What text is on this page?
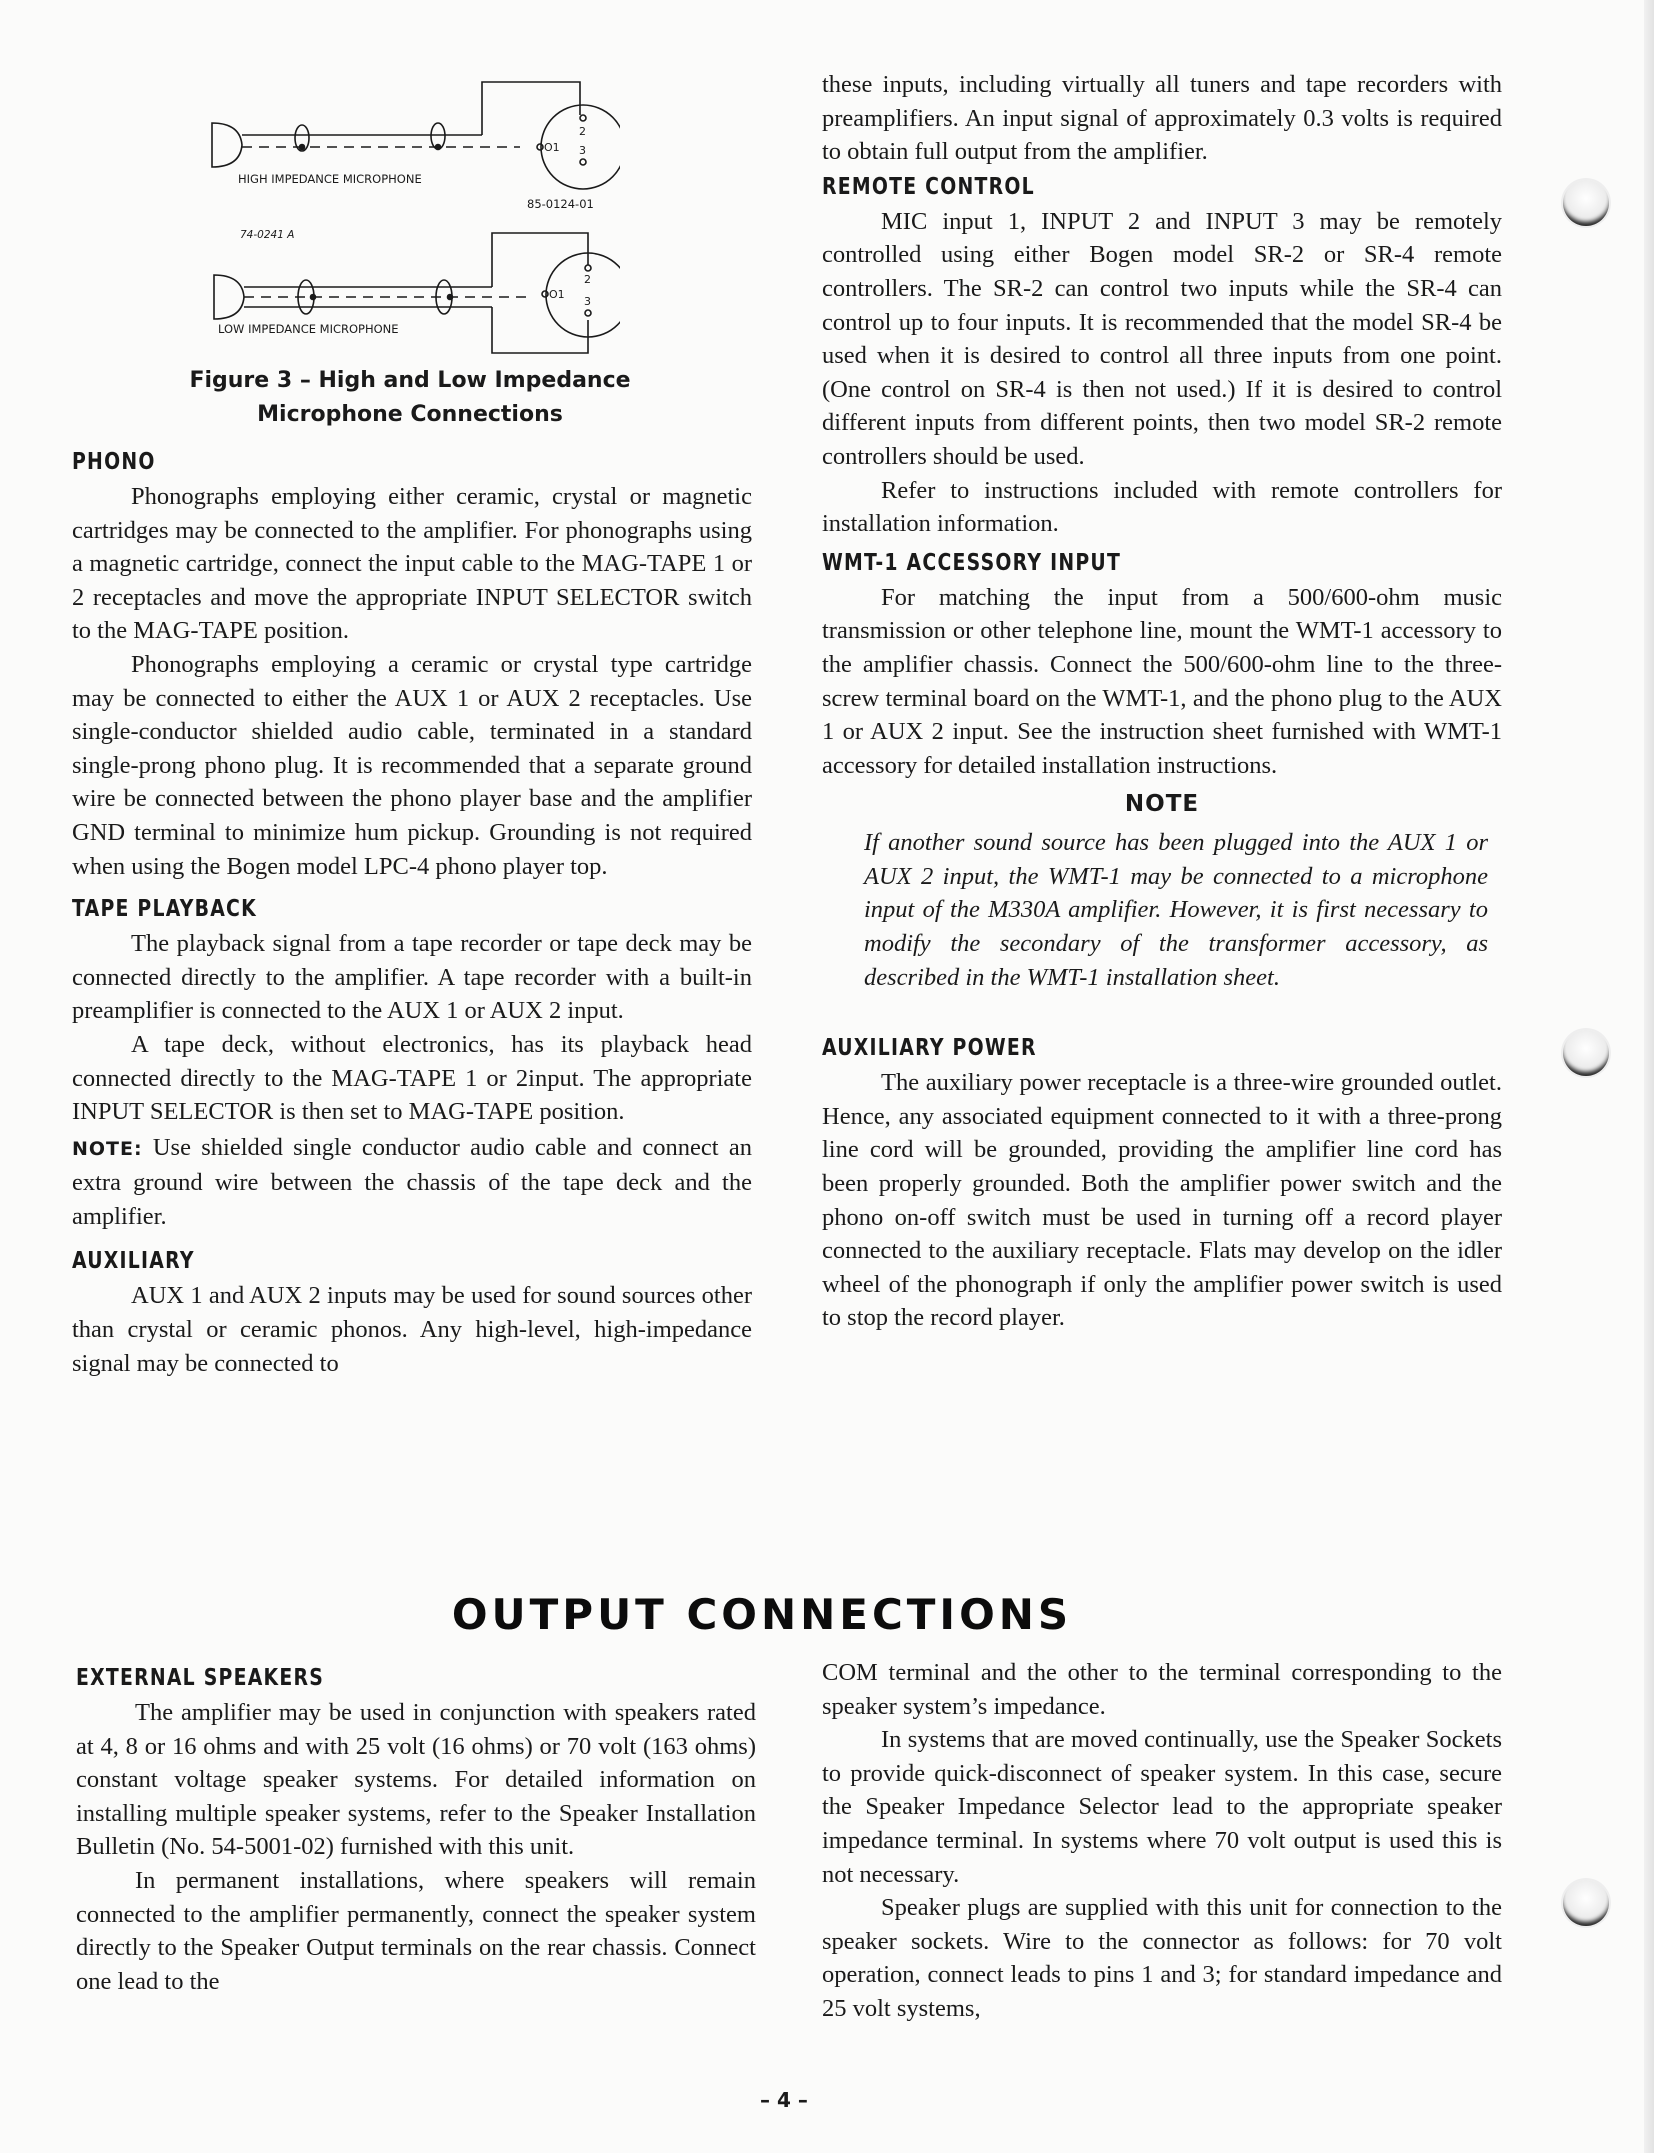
O1
2
3
HIGH IMPEDANCE MICROPHONE
85-0124-01
74-0241 A
O1
2
3
LOW IMPEDANCE MICROPHONE
Figure 3 – High and Low Impedance
Microphone Connections
PHONO

Phonographs employing either ceramic, crystal or magnetic cartridges may be connected to the amplifier. For phonographs using a magnetic cartridge, connect the input cable to the MAG-TAPE 1 or 2 receptacles and move the appropriate INPUT SELECTOR switch to the MAG-TAPE position.

Phonographs employing a ceramic or crystal type cartridge may be connected to either the AUX 1 or AUX 2 receptacles. Use single-conductor shielded audio cable, terminated in a standard single-prong phono plug. It is recommended that a separate ground wire be connected between the phono player base and the amplifier GND terminal to minimize hum pickup. Grounding is not required when using the Bogen model LPC-4 phono player top.

TAPE PLAYBACK

The playback signal from a tape recorder or tape deck may be connected directly to the amplifier. A tape recorder with a built-in preamplifier is connected to the AUX 1 or AUX 2 input.

A tape deck, without electronics, has its playback head connected directly to the MAG-TAPE 1 or 2input. The appropriate INPUT SELECTOR is then set to MAG-TAPE position.

NOTE: Use shielded single conductor audio cable and connect an extra ground wire between the chassis of the tape deck and the amplifier.

AUXILIARY

AUX 1 and AUX 2 inputs may be used for sound sources other than crystal or ceramic phonos. Any high-level, high-impedance signal may be connected to

these inputs, including virtually all tuners and tape recorders with preamplifiers. An input signal of approximately 0.3 volts is required to obtain full output from the amplifier.

REMOTE CONTROL

MIC input 1, INPUT 2 and INPUT 3 may be remotely controlled using either Bogen model SR-2 or SR-4 remote controllers. The SR-2 can control two inputs while the SR-4 can control up to four inputs. It is recommended that the model SR-4 be used when it is desired to control all three inputs from one point. (One control on SR-4 is then not used.) If it is desired to control different inputs from different points, then two model SR-2 remote controllers should be used.

Refer to instructions included with remote controllers for installation information.

WMT-1 ACCESSORY INPUT

For matching the input from a 500/600-ohm music transmission or other telephone line, mount the WMT-1 accessory to the amplifier chassis. Connect the 500/600-ohm line to the three-screw terminal board on the WMT-1, and the phono plug to the AUX 1 or AUX 2 input. See the instruction sheet furnished with WMT-1 accessory for detailed installation instructions.

NOTE

If another sound source has been plugged into the AUX 1 or AUX 2 input, the WMT-1 may be connected to a microphone input of the M330A amplifier. However, it is first necessary to modify the secondary of the transformer accessory, as described in the WMT-1 installation sheet.

AUXILIARY POWER

The auxiliary power receptacle is a three-wire grounded outlet. Hence, any associated equipment connected to it with a three-prong line cord will be grounded, providing the amplifier line cord has been properly grounded. Both the amplifier power switch and the phono on-off switch must be used in turning off a record player connected to the auxiliary receptacle. Flats may develop on the idler wheel of the phonograph if only the amplifier power switch is used to stop the record player.

OUTPUT CONNECTIONS
EXTERNAL SPEAKERS

The amplifier may be used in conjunction with speakers rated at 4, 8 or 16 ohms and with 25 volt (16 ohms) or 70 volt (163 ohms) constant voltage speaker systems. For detailed information on installing multiple speaker systems, refer to the Speaker Installation Bulletin (No. 54-5001-02) furnished with this unit.

In permanent installations, where speakers will remain connected to the amplifier permanently, connect the speaker system directly to the Speaker Output terminals on the rear chassis. Connect one lead to the

COM terminal and the other to the terminal corresponding to the speaker system’s impedance.

In systems that are moved continually, use the Speaker Sockets to provide quick-disconnect of speaker system. In this case, secure the Speaker Impedance Selector lead to the appropriate speaker impedance terminal. In systems where 70 volt output is used this is not necessary.

Speaker plugs are supplied with this unit for connection to the speaker sockets. Wire to the connector as follows: for 70 volt operation, connect leads to pins 1 and 3; for standard impedance and 25 volt systems,

– 4 –
